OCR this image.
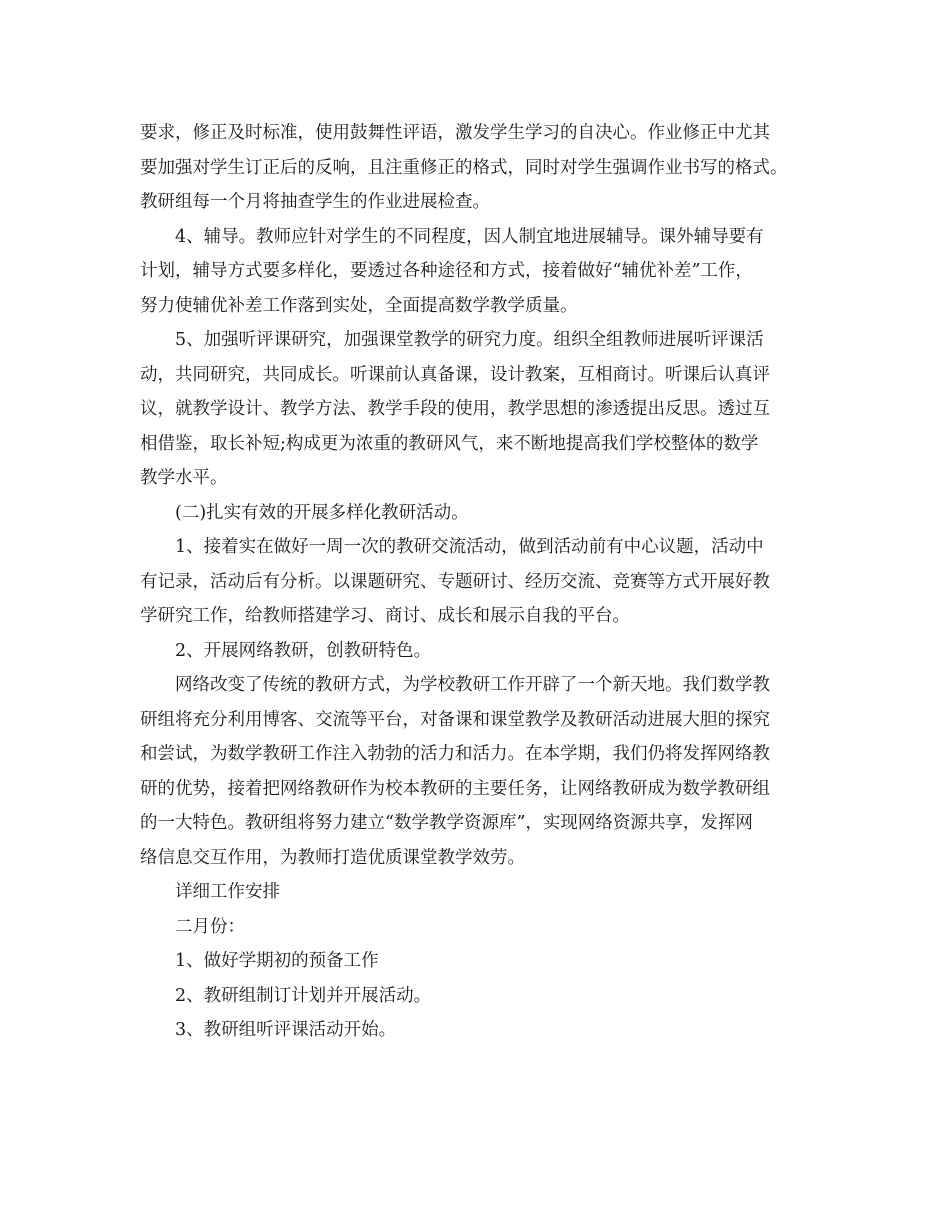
要求，修正及时标准，使用鼓舞性评语，激发学生学习的自决心。作业修正中尤其
要加强对学生订正后的反响，且注重修正的格式，同时对学生强调作业书写的格式。
教研组每一个月将抽查学生的作业进展检查。
4、辅导。教师应针对学生的不同程度，因人制宜地进展辅导。课外辅导要有
计划，辅导方式要多样化，要透过各种途径和方式，接着做好“辅优补差”工作，
努力使辅优补差工作落到实处，全面提高数学教学质量。
5、加强听评课研究，加强课堂教学的研究力度。组织全组教师进展听评课活
动，共同研究，共同成长。听课前认真备课，设计教案，互相商讨。听课后认真评
议，就教学设计、教学方法、教学手段的使用，教学思想的渗透提出反思。透过互
相借鉴，取长补短;构成更为浓重的教研风气，来不断地提高我们学校整体的数学
教学水平。
(二)扎实有效的开展多样化教研活动。
1、接着实在做好一周一次的教研交流活动，做到活动前有中心议题，活动中
有记录，活动后有分析。以课题研究、专题研讨、经历交流、竞赛等方式开展好教
学研究工作，给教师搭建学习、商讨、成长和展示自我的平台。
2、开展网络教研，创教研特色。
网络改变了传统的教研方式，为学校教研工作开辟了一个新天地。我们数学教
研组将充分利用博客、交流等平台，对备课和课堂教学及教研活动进展大胆的探究
和尝试，为数学教研工作注入勃勃的活力和活力。在本学期，我们仍将发挥网络教
研的优势，接着把网络教研作为校本教研的主要任务，让网络教研成为数学教研组
的一大特色。教研组将努力建立“数学教学资源库”，实现网络资源共享，发挥网
络信息交互作用，为教师打造优质课堂教学效劳。
详细工作安排
二月份：
1、做好学期初的预备工作
2、教研组制订计划并开展活动。
3、教研组听评课活动开始。
